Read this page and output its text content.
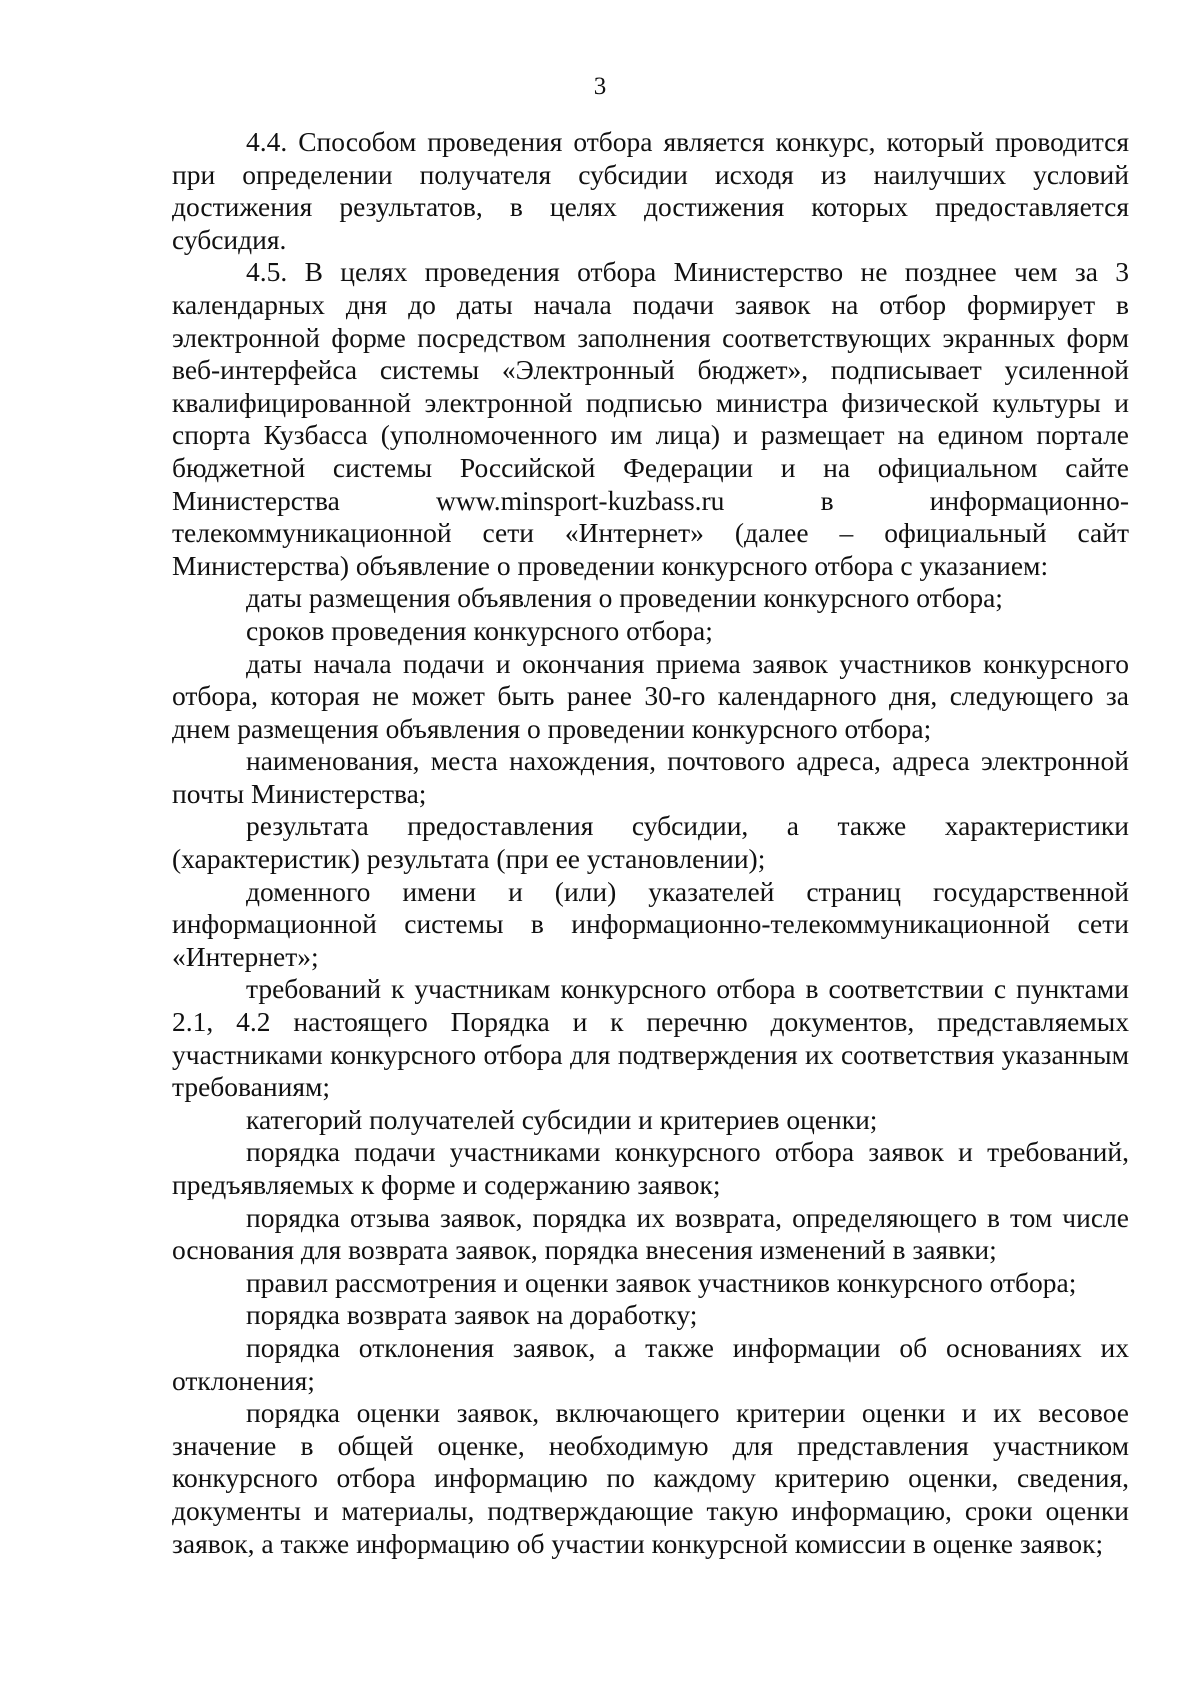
3

4.4. Способом проведения отбора является конкурс, который проводится при определении получателя субсидии исходя из наилучших условий достижения результатов, в целях достижения которых предоставляется субсидия.

4.5. В целях проведения отбора Министерство не позднее чем за 3 календарных дня до даты начала подачи заявок на отбор формирует в электронной форме посредством заполнения соответствующих экранных форм веб-интерфейса системы «Электронный бюджет», подписывает усиленной квалифицированной электронной подписью министра физической культуры и спорта Кузбасса (уполномоченного им лица) и размещает на едином портале бюджетной системы Российской Федерации и на официальном сайте Министерства www.minsport-kuzbass.ru в информационно-телекоммуникационной сети «Интернет» (далее – официальный сайт Министерства) объявление о проведении конкурсного отбора с указанием:

даты размещения объявления о проведении конкурсного отбора;

сроков проведения конкурсного отбора;

даты начала подачи и окончания приема заявок участников конкурсного отбора, которая не может быть ранее 30-го календарного дня, следующего за днем размещения объявления о проведении конкурсного отбора;

наименования, места нахождения, почтового адреса, адреса электронной почты Министерства;

результата предоставления субсидии, а также характеристики (характеристик) результата (при ее установлении);

доменного имени и (или) указателей страниц государственной информационной системы в информационно-телекоммуникационной сети «Интернет»;

требований к участникам конкурсного отбора в соответствии с пунктами 2.1, 4.2 настоящего Порядка и к перечню документов, представляемых участниками конкурсного отбора для подтверждения их соответствия указанным требованиям;

категорий получателей субсидии и критериев оценки;

порядка подачи участниками конкурсного отбора заявок и требований, предъявляемых к форме и содержанию заявок;

порядка отзыва заявок, порядка их возврата, определяющего в том числе основания для возврата заявок, порядка внесения изменений в заявки;

правил рассмотрения и оценки заявок участников конкурсного отбора;

порядка возврата заявок на доработку;

порядка отклонения заявок, а также информации об основаниях их отклонения;

порядка оценки заявок, включающего критерии оценки и их весовое значение в общей оценке, необходимую для представления участником конкурсного отбора информацию по каждому критерию оценки, сведения, документы и материалы, подтверждающие такую информацию, сроки оценки заявок, а также информацию об участии конкурсной комиссии в оценке заявок;
